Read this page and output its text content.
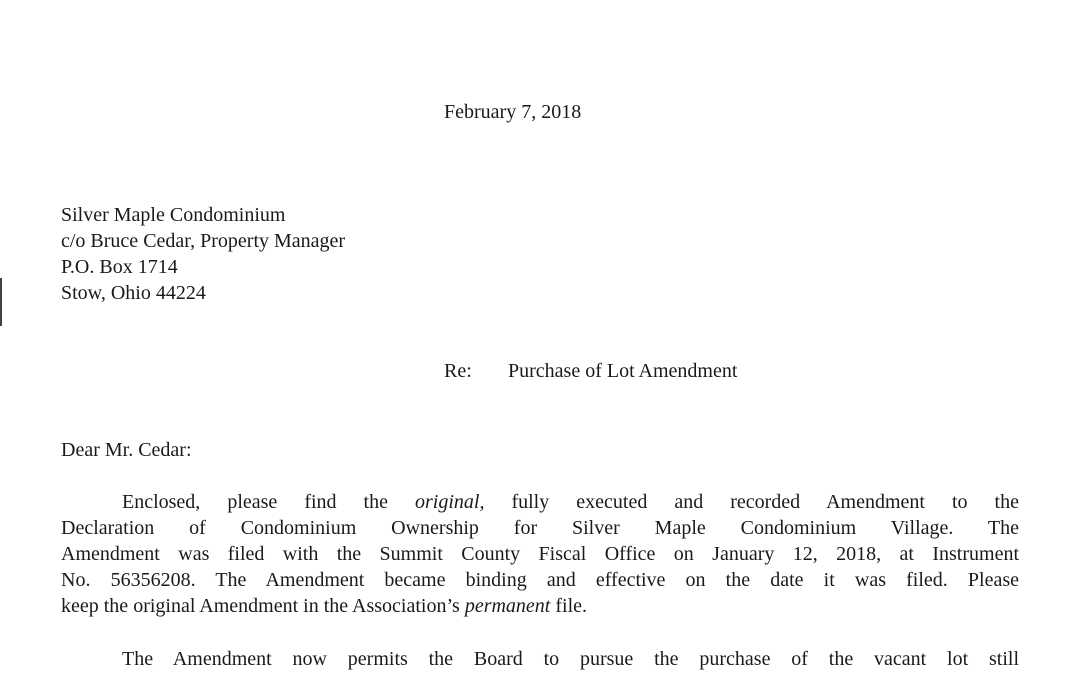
February 7, 2018
Silver Maple Condominium
c/o Bruce Cedar, Property Manager
P.O. Box 1714
Stow, Ohio 44224
Re: Purchase of Lot Amendment
Dear Mr. Cedar:
Enclosed, please find the original, fully executed and recorded Amendment to the
Declaration of Condominium Ownership for Silver Maple Condominium Village. The
Amendment was filed with the Summit County Fiscal Office on January 12, 2018, at Instrument
No. 56356208. The Amendment became binding and effective on the date it was filed. Please
keep the original Amendment in the Association’s permanent file.
The Amendment now permits the Board to pursue the purchase of the vacant lot still
